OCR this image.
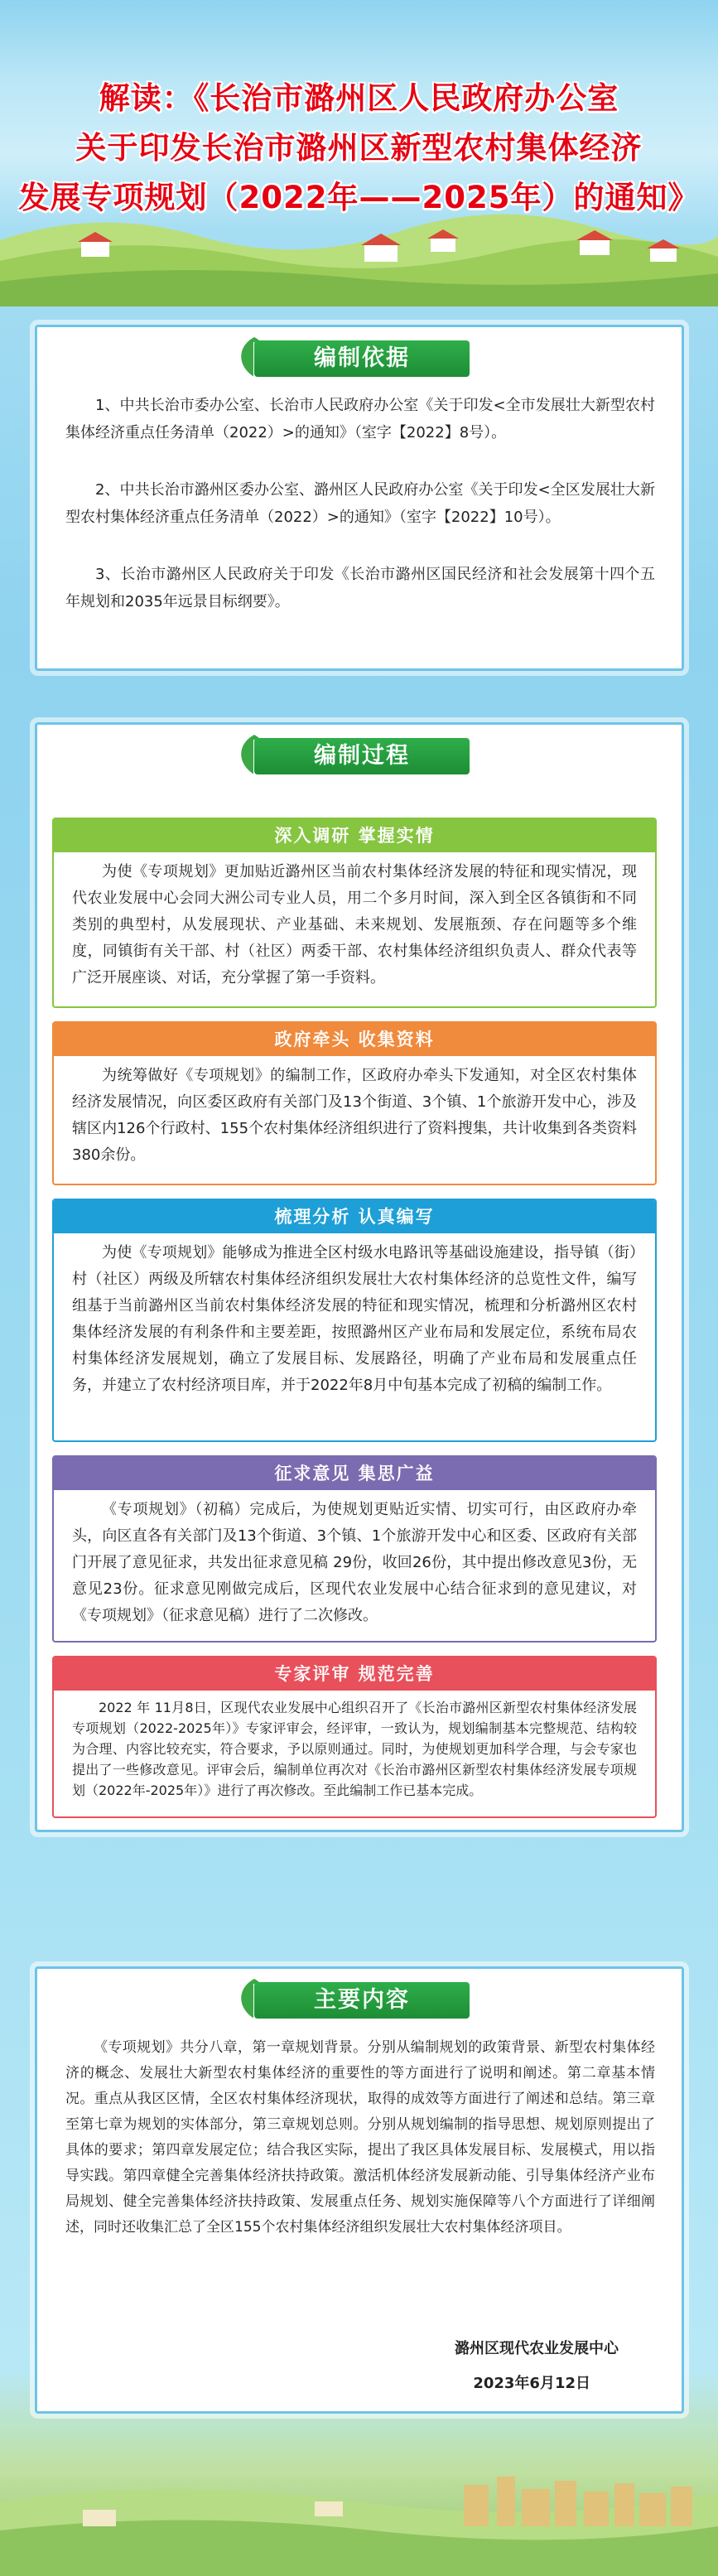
解读：《长治市潞州区人民政府办公室
关于印发长治市潞州区新型农村集体经济
发展专项规划（2022年——2025年）的通知》
编制依据
1、中共长治市委办公室、长治市人民政府办公室《关于印发<全市发展壮大新型农村集体经济重点任务清单（2022）>的通知》（室字【2022】8号）。
2、中共长治市潞州区委办公室、潞州区人民政府办公室《关于印发<全区发展壮大新型农村集体经济重点任务清单（2022）>的通知》（室字【2022】10号）。
3、长治市潞州区人民政府关于印发《长治市潞州区国民经济和社会发展第十四个五年规划和2035年远景目标纲要》。
编制过程
深入调研 掌握实情
为使《专项规划》更加贴近潞州区当前农村集体经济发展的特征和现实情况，现代农业发展中心会同大洲公司专业人员，用二个多月时间，深入到全区各镇街和不同类别的典型村，从发展现状、产业基础、未来规划、发展瓶颈、存在问题等多个维度，同镇街有关干部、村（社区）两委干部、农村集体经济组织负责人、群众代表等广泛开展座谈、对话，充分掌握了第一手资料。
政府牵头 收集资料
为统筹做好《专项规划》的编制工作，区政府办牵头下发通知，对全区农村集体经济发展情况，向区委区政府有关部门及13个街道、3个镇、1个旅游开发中心，涉及辖区内126个行政村、155个农村集体经济组织进行了资料搜集，共计收集到各类资料380余份。
梳理分析 认真编写
为使《专项规划》能够成为推进全区村级水电路讯等基础设施建设，指导镇（街）村（社区）两级及所辖农村集体经济组织发展壮大农村集体经济的总览性文件，编写组基于当前潞州区当前农村集体经济发展的特征和现实情况，梳理和分析潞州区农村集体经济发展的有利条件和主要差距，按照潞州区产业布局和发展定位，系统布局农村集体经济发展规划，确立了发展目标、发展路径，明确了产业布局和发展重点任务，并建立了农村经济项目库，并于2022年8月中旬基本完成了初稿的编制工作。
征求意见 集思广益
《专项规划》（初稿）完成后，为使规划更贴近实情、切实可行，由区政府办牵头，向区直各有关部门及13个街道、3个镇、1个旅游开发中心和区委、区政府有关部门开展了意见征求，共发出征求意见稿 29份，收回26份，其中提出修改意见3份，无意见23份。征求意见刚做完成后，区现代农业发展中心结合征求到的意见建议，对《专项规划》（征求意见稿）进行了二次修改。
专家评审 规范完善
2022 年 11月8日，区现代农业发展中心组织召开了《长治市潞州区新型农村集体经济发展专项规划（2022-2025年）》专家评审会，经评审，一致认为，规划编制基本完整规范、结构较为合理、内容比较充实，符合要求，予以原则通过。同时，为使规划更加科学合理，与会专家也提出了一些修改意见。评审会后，编制单位再次对《长治市潞州区新型农村集体经济发展专项规划（2022年-2025年）》进行了再次修改。至此编制工作已基本完成。
主要内容
《专项规划》共分八章，第一章规划背景。分别从编制规划的政策背景、新型农村集体经济的概念、发展壮大新型农村集体经济的重要性的等方面进行了说明和阐述。第二章基本情况。重点从我区区情，全区农村集体经济现状，取得的成效等方面进行了阐述和总结。第三章至第七章为规划的实体部分，第三章规划总则。分别从规划编制的指导思想、规划原则提出了具体的要求；第四章发展定位；结合我区实际，提出了我区具体发展目标、发展模式，用以指导实践。第四章健全完善集体经济扶持政策。激活机体经济发展新动能、引导集体经济产业布局规划、健全完善集体经济扶持政策、发展重点任务、规划实施保障等八个方面进行了详细阐述，同时还收集汇总了全区155个农村集体经济组织发展壮大农村集体经济项目。
潞州区现代农业发展中心
2023年6月12日
